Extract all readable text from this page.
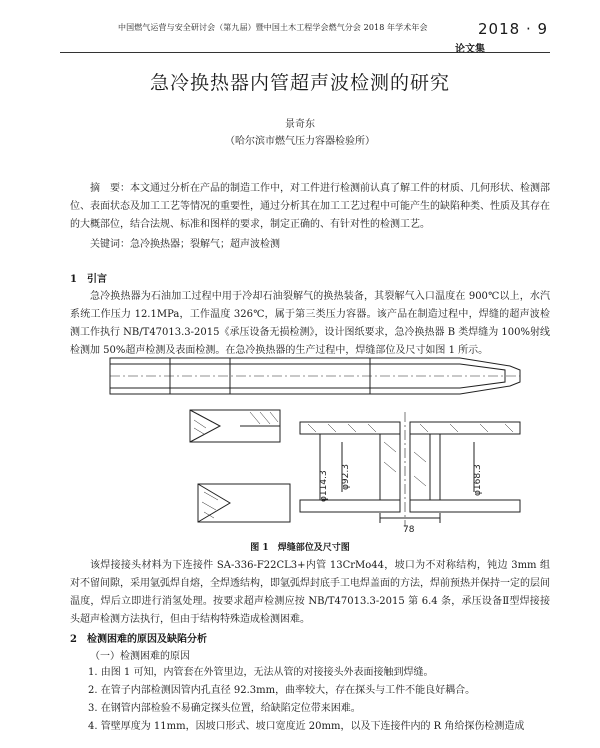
中国燃气运营与安全研讨会（第九届）暨中国土木工程学会燃气分会 2018 年学术年会	2018 · 9
论文集
急冷换热器内管超声波检测的研究
景奇东
（哈尔滨市燃气压力容器检验所）
摘　要：本文通过分析在产品的制造工作中，对工件进行检测前认真了解工件的材质、几何形状、检测部位、表面状态及加工工艺等情况的重要性，通过分析其在加工工艺过程中可能产生的缺陷种类、性质及其存在的大概部位，结合法规、标准和图样的要求，制定正确的、有针对性的检测工艺。
关键词：急冷换热器；裂解气；超声波检测
1　引言
急冷换热器为石油加工过程中用于冷却石油裂解气的换热装备，其裂解气入口温度在 900℃以上，水汽系统工作压力 12.1MPa，工作温度 326℃，属于第三类压力容器。该产品在制造过程中，焊缝的超声波检测工作执行 NB/T47013.3-2015《承压设备无损检测》，设计图纸要求，急冷换热器 B 类焊缝为 100%射线检测加 50%超声检测及表面检测。在急冷换热器的生产过程中，焊缝部位及尺寸如图 1 所示。
φ114.3 φ92.3	φ168.3
78
图 1　焊缝部位及尺寸图
该焊接接头材料为下连接件 SA-336-F22CL3+内管 13CrMo44，坡口为不对称结构，钝边 3mm 组对不留间隙，采用氩弧焊自熔，全焊透结构，即氩弧焊封底手工电焊盖面的方法，焊前预热并保持一定的层间温度，焊后立即进行消氢处理。按要求超声检测应按 NB/T47013.3-2015 第 6.4 条，承压设备Ⅱ型焊接接头超声检测方法执行，但由于结构特殊造成检测困难。
2　检测困难的原因及缺陷分析
（一）检测困难的原因
1. 由图 1 可知，内管套在外管里边，无法从管的对接接头外表面接触到焊缝。
2. 在管子内部检测因管内孔直径 92.3mm，曲率较大，存在探头与工件不能良好耦合。
3. 在钢管内部检验不易确定探头位置，给缺陷定位带来困难。
4. 管壁厚度为 11mm，因坡口形式、坡口宽度近 20mm，以及下连接件内的 R 角给探伤检测造成
